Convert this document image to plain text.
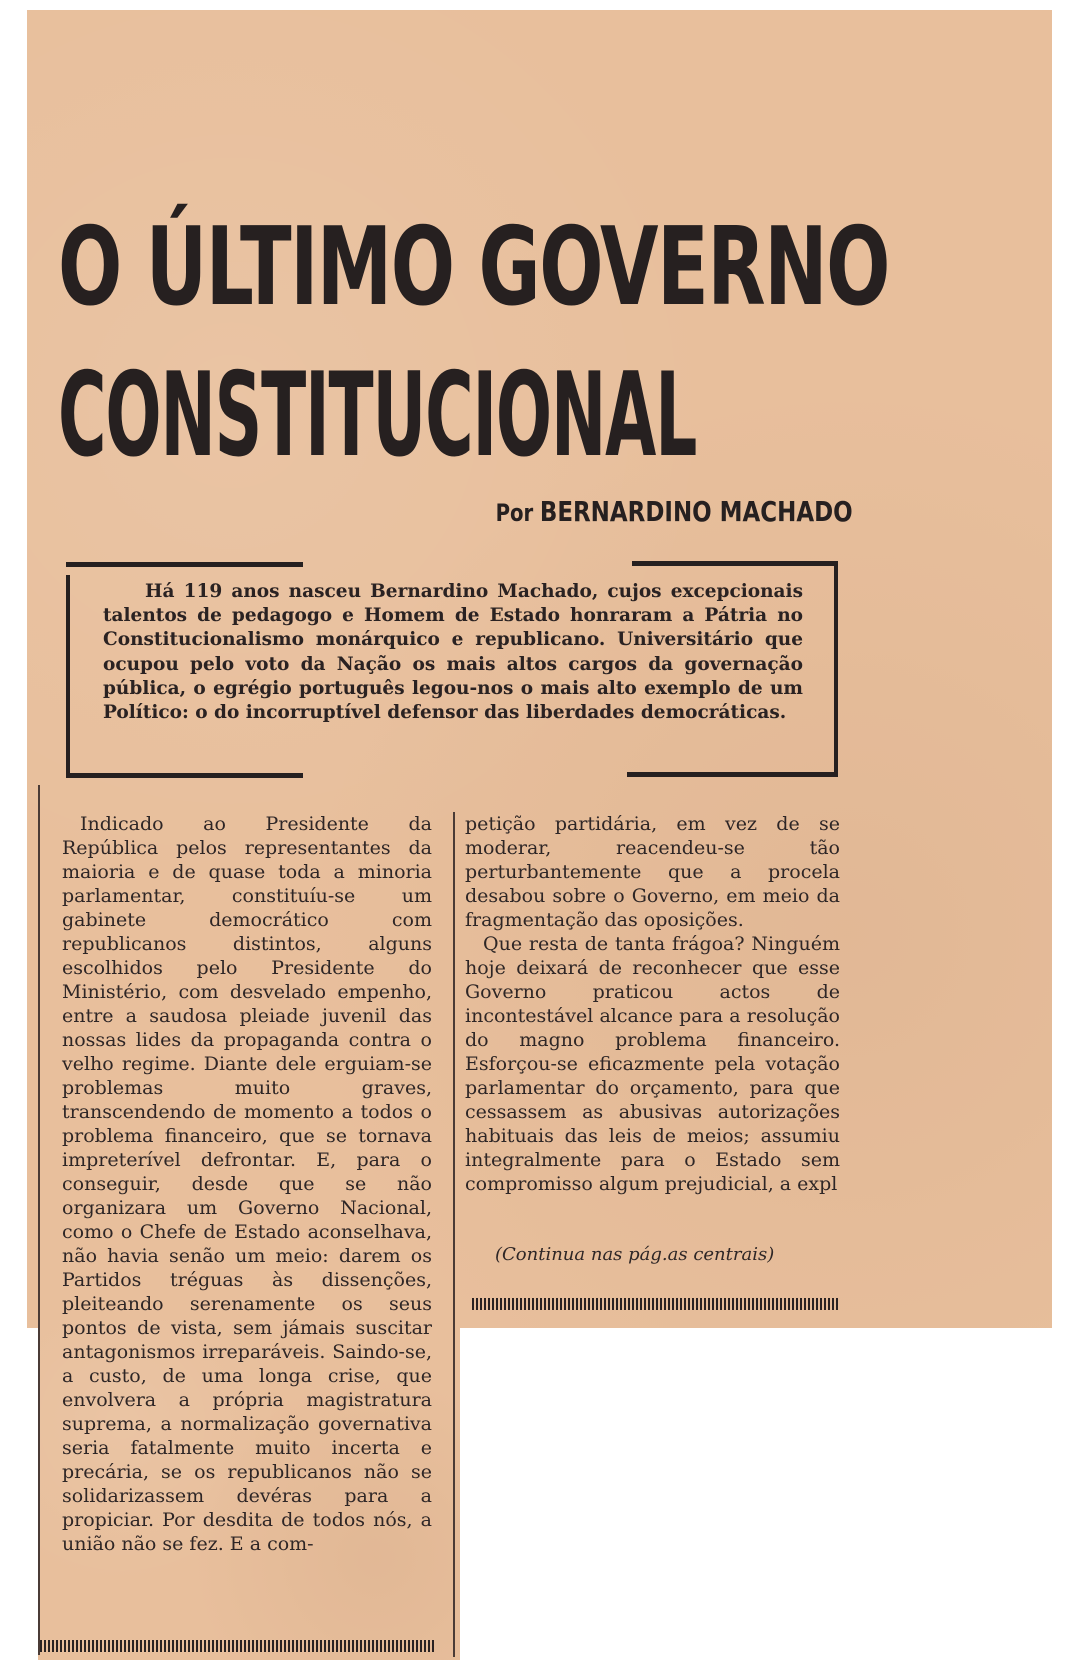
O ÚLTIMO GOVERNO
CONSTITUCIONAL
Por BERNARDINO MACHADO

Há 119 anos nasceu Bernardino Machado, cujos excepcionais talentos de pedagogo e Homem de Estado honraram a Pátria no Constitucionalismo monárquico e republicano. Universitário que ocupou pelo voto da Nação os mais altos cargos da governação pública, o egrégio português legou-nos o mais alto exemplo de um Político: o do incorruptível defensor das liberdades democráticas.

Indicado ao Presidente da República pelos representantes da maioria e de quase toda a minoria parlamentar, constituíu-se um gabinete democrático com republicanos distintos, alguns escolhidos pelo Presidente do Ministério, com desvelado empenho, entre a saudosa pleiade juvenil das nossas lides da propaganda contra o velho regime. Diante dele erguiam-se problemas muito graves, transcendendo de momento a todos o problema financeiro, que se tornava impreterível defrontar. E, para o conseguir, desde que se não organizara um Governo Nacional, como o Chefe de Estado aconselhava, não havia senão um meio: darem os Partidos tréguas às dissenções, pleiteando serenamente os seus pontos de vista, sem jámais suscitar antagonismos irreparáveis. Saindo-se, a custo, de uma longa crise, que envolvera a própria magistratura suprema, a normalização governativa seria fatalmente muito incerta e precária, se os republicanos não se solidarizassem devéras para a propiciar. Por desdita de todos nós, a união não se fez. E a com-

petição partidária, em vez de se moderar, reacendeu-se tão perturbantemente que a procela desabou sobre o Governo, em meio da fragmentação das oposições.
Que resta de tanta frágoa? Ninguém hoje deixará de reconhecer que esse Governo praticou actos de incontestável alcance para a resolução do magno problema financeiro. Esforçou-se eficazmente pela votação parlamentar do orçamento, para que cessassem as abusivas autorizações habituais das leis de meios; assumiu integralmente para o Estado sem compromisso algum prejudicial, a expl
(Continua nas pág.as centrais)
